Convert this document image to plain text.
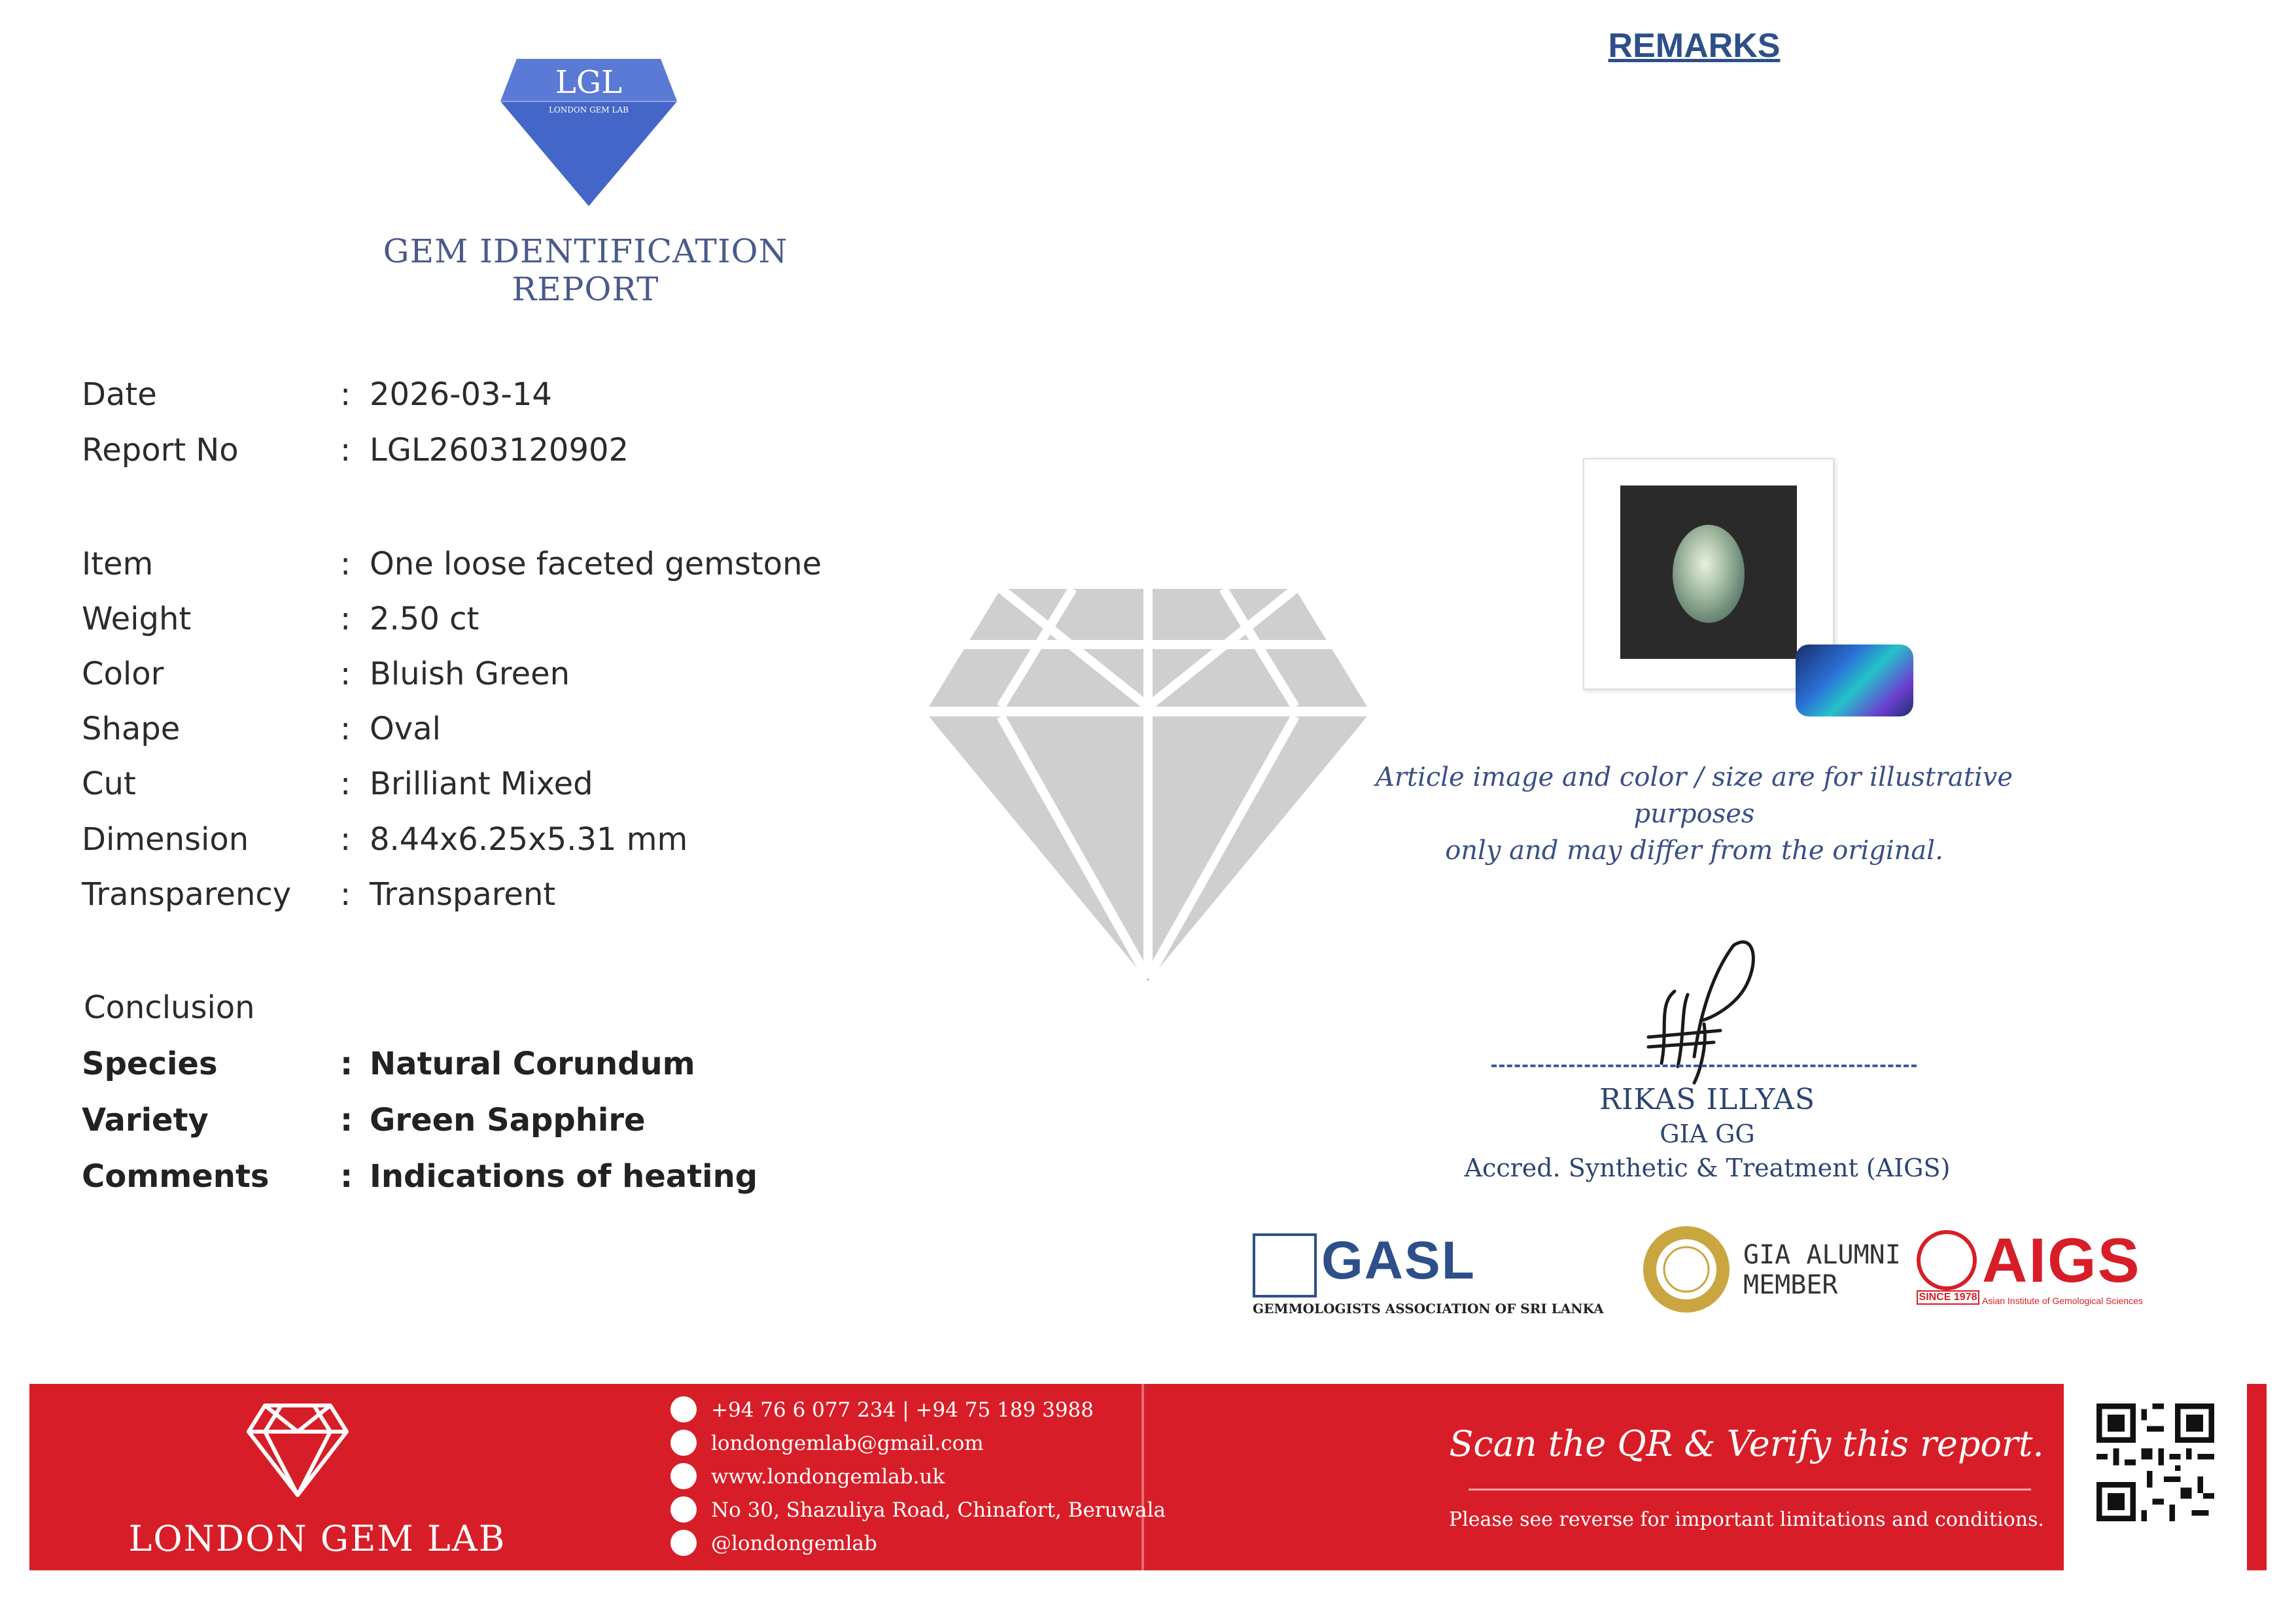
LGL
LONDON GEM LAB
GEM IDENTIFICATION REPORT
Date	: 2026-03-14
Report No	: LGL2603120902
Item	: One loose faceted gemstone
Weight	: 2.50 ct
Color	: Bluish Green
Shape	: Oval
Cut	: Brilliant Mixed
Dimension	: 8.44x6.25x5.31 mm
Transparency	: Transparent
Conclusion
Species	: Natural Corundum
Variety	: Green Sapphire
Comments	: Indications of heating
REMARKS
Article image and color / size are for illustrative purposes
only and may differ from the original.
RIKAS ILLYAS
GIA GG
Accred. Synthetic & Treatment (AIGS)
GASL
GEMMOLOGISTS ASSOCIATION OF SRI LANKA
GIA ALUMNI
MEMBER	SINCE 1978
AIGS
Asian Institute of Gemological Sciences
LONDON GEM LAB
+94 76 6 077 234 | +94 75 189 3988
londongemlab@gmail.com
www.londongemlab.uk
No 30, Shazuliya Road, Chinafort, Beruwala
@londongemlab
Scan the QR & Verify this report.
Please see reverse for important limitations and conditions.
